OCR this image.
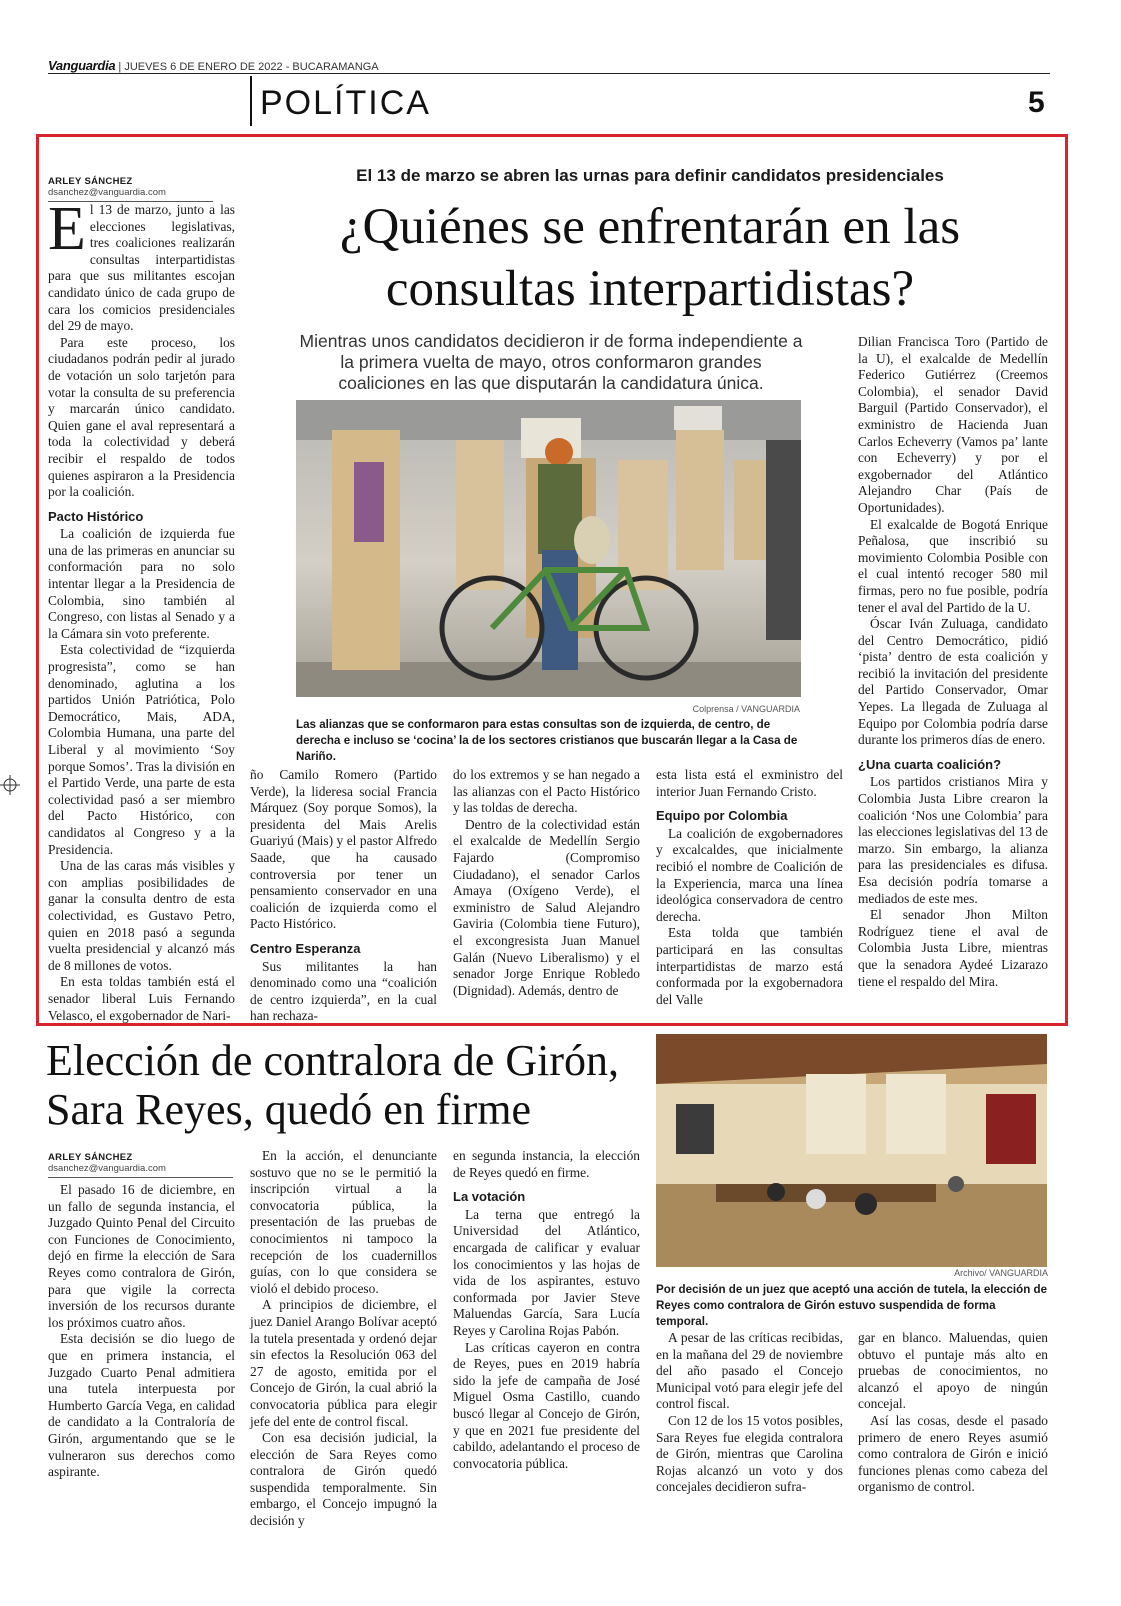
Vanguardia | JUEVES 6 DE ENERO DE 2022 - BUCARAMANGA
POLÍTICA	5
ARLEY SÁNCHEZ
dsanchez@vanguardia.com
El 13 de marzo se abren las urnas para definir candidatos presidenciales
¿Quiénes se enfrentarán en las
consultas interpartidistas?
Mientras unos candidatos decidieron ir de forma independiente a la primera vuelta de mayo, otros conformaron grandes coaliciones en las que disputarán la candidatura única.
Colprensa / VANGUARDIA
Las alianzas que se conformaron para estas consultas son de izquierda, de centro, de derecha e incluso se ‘cocina’ la de los sectores cristianos que buscarán llegar a la Casa de Nariño.

El 13 de marzo, junto a las elecciones legislativas, tres coaliciones realizarán consultas interpartidistas para que sus militantes escojan candidato único de cada grupo de cara los comicios presidenciales del 29 de mayo.

Para este proceso, los ciudadanos podrán pedir al jurado de votación un solo tarjetón para votar la consulta de su preferencia y marcarán único candidato. Quien gane el aval representará a toda la colectividad y deberá recibir el respaldo de todos quienes aspiraron a la Presidencia por la coalición.

Pacto Histórico

La coalición de izquierda fue una de las primeras en anunciar su conformación para no solo intentar llegar a la Presidencia de Colombia, sino también al Congreso, con listas al Senado y a la Cámara sin voto preferente.

Esta colectividad de “izquierda progresista”, como se han denominado, aglutina a los partidos Unión Patriótica, Polo Democrático, Mais, ADA, Colombia Humana, una parte del Liberal y al movimiento ‘Soy porque Somos’. Tras la división en el Partido Verde, una parte de esta colectividad pasó a ser miembro del Pacto Histórico, con candidatos al Congreso y a la Presidencia.

Una de las caras más visibles y con amplias posibilidades de ganar la consulta dentro de esta colectividad, es Gustavo Petro, quien en 2018 pasó a segunda vuelta presidencial y alcanzó más de 8 millones de votos.

En esta toldas también está el senador liberal Luis Fernando Velasco, el exgobernador de Nari-

ño Camilo Romero (Partido Verde), la lideresa social Francia Márquez (Soy porque Somos), la presidenta del Mais Arelis Guariyú (Mais) y el pastor Alfredo Saade, que ha causado controversia por tener un pensamiento conservador en una coalición de izquierda como el Pacto Histórico.

Centro Esperanza

Sus militantes la han denominado como una “coalición de centro izquierda”, en la cual han rechaza-

do los extremos y se han negado a las alianzas con el Pacto Histórico y las toldas de derecha.

Dentro de la colectividad están el exalcalde de Medellín Sergio Fajardo (Compromiso Ciudadano), el senador Carlos Amaya (Oxígeno Verde), el exministro de Salud Alejandro Gaviria (Colombia tiene Futuro), el excongresista Juan Manuel Galán (Nuevo Liberalismo) y el senador Jorge Enrique Robledo (Dignidad). Además, dentro de

esta lista está el exministro del interior Juan Fernando Cristo.

Equipo por Colombia

La coalición de exgobernadores y excalcaldes, que inicialmente recibió el nombre de Coalición de la Experiencia, marca una línea ideológica conservadora de centro derecha.

Esta tolda que también participará en las consultas interpartidistas de marzo está conformada por la exgobernadora del Valle

Dilian Francisca Toro (Partido de la U), el exalcalde de Medellín Federico Gutiérrez (Creemos Colombia), el senador David Barguil (Partido Conservador), el exministro de Hacienda Juan Carlos Echeverry (Vamos pa’ lante con Echeverry) y por el exgobernador del Atlántico Alejandro Char (País de Oportunidades).

El exalcalde de Bogotá Enrique Peñalosa, que inscribió su movimiento Colombia Posible con el cual intentó recoger 580 mil firmas, pero no fue posible, podría tener el aval del Partido de la U.

Óscar Iván Zuluaga, candidato del Centro Democrático, pidió ‘pista’ dentro de esta coalición y recibió la invitación del presidente del Partido Conservador, Omar Yepes. La llegada de Zuluaga al Equipo por Colombia podría darse durante los primeros días de enero.

¿Una cuarta coalición?

Los partidos cristianos Mira y Colombia Justa Libre crearon la coalición ‘Nos une Colombia’ para las elecciones legislativas del 13 de marzo. Sin embargo, la alianza para las presidenciales es difusa. Esa decisión podría tomarse a mediados de este mes.

El senador Jhon Milton Rodríguez tiene el aval de Colombia Justa Libre, mientras que la senadora Aydeé Lizarazo tiene el respaldo del Mira.

Elección de contralora de Girón,
Sara Reyes, quedó en firme
ARLEY SÁNCHEZ
dsanchez@vanguardia.com
Archivo/ VANGUARDIA
Por decisión de un juez que aceptó una acción de tutela, la elección de Reyes como contralora de Girón estuvo suspendida de forma temporal.

El pasado 16 de diciembre, en un fallo de segunda instancia, el Juzgado Quinto Penal del Circuito con Funciones de Conocimiento, dejó en firme la elección de Sara Reyes como contralora de Girón, para que vigile la correcta inversión de los recursos durante los próximos cuatro años.

Esta decisión se dio luego de que en primera instancia, el Juzgado Cuarto Penal admitiera una tutela interpuesta por Humberto García Vega, en calidad de candidato a la Contraloría de Girón, argumentando que se le vulneraron sus derechos como aspirante.

En la acción, el denunciante sostuvo que no se le permitió la inscripción virtual a la convocatoria pública, la presentación de las pruebas de conocimientos ni tampoco la recepción de los cuadernillos guías, con lo que considera se violó el debido proceso.

A principios de diciembre, el juez Daniel Arango Bolívar aceptó la tutela presentada y ordenó dejar sin efectos la Resolución 063 del 27 de agosto, emitida por el Concejo de Girón, la cual abrió la convocatoria pública para elegir jefe del ente de control fiscal.

Con esa decisión judicial, la elección de Sara Reyes como contralora de Girón quedó suspendida temporalmente. Sin embargo, el Concejo impugnó la decisión y

en segunda instancia, la elección de Reyes quedó en firme.

La votación

La terna que entregó la Universidad del Atlántico, encargada de calificar y evaluar los conocimientos y las hojas de vida de los aspirantes, estuvo conformada por Javier Steve Maluendas García, Sara Lucía Reyes y Carolina Rojas Pabón.

Las críticas cayeron en contra de Reyes, pues en 2019 habría sido la jefe de campaña de José Miguel Osma Castillo, cuando buscó llegar al Concejo de Girón, y que en 2021 fue presidente del cabildo, adelantando el proceso de convocatoria pública.

A pesar de las críticas recibidas, en la mañana del 29 de noviembre del año pasado el Concejo Municipal votó para elegir jefe del control fiscal.

Con 12 de los 15 votos posibles, Sara Reyes fue elegida contralora de Girón, mientras que Carolina Rojas alcanzó un voto y dos concejales decidieron sufra-

gar en blanco. Maluendas, quien obtuvo el puntaje más alto en pruebas de conocimientos, no alcanzó el apoyo de ningún concejal.

Así las cosas, desde el pasado primero de enero Reyes asumió como contralora de Girón e inició funciones plenas como cabeza del organismo de control.
